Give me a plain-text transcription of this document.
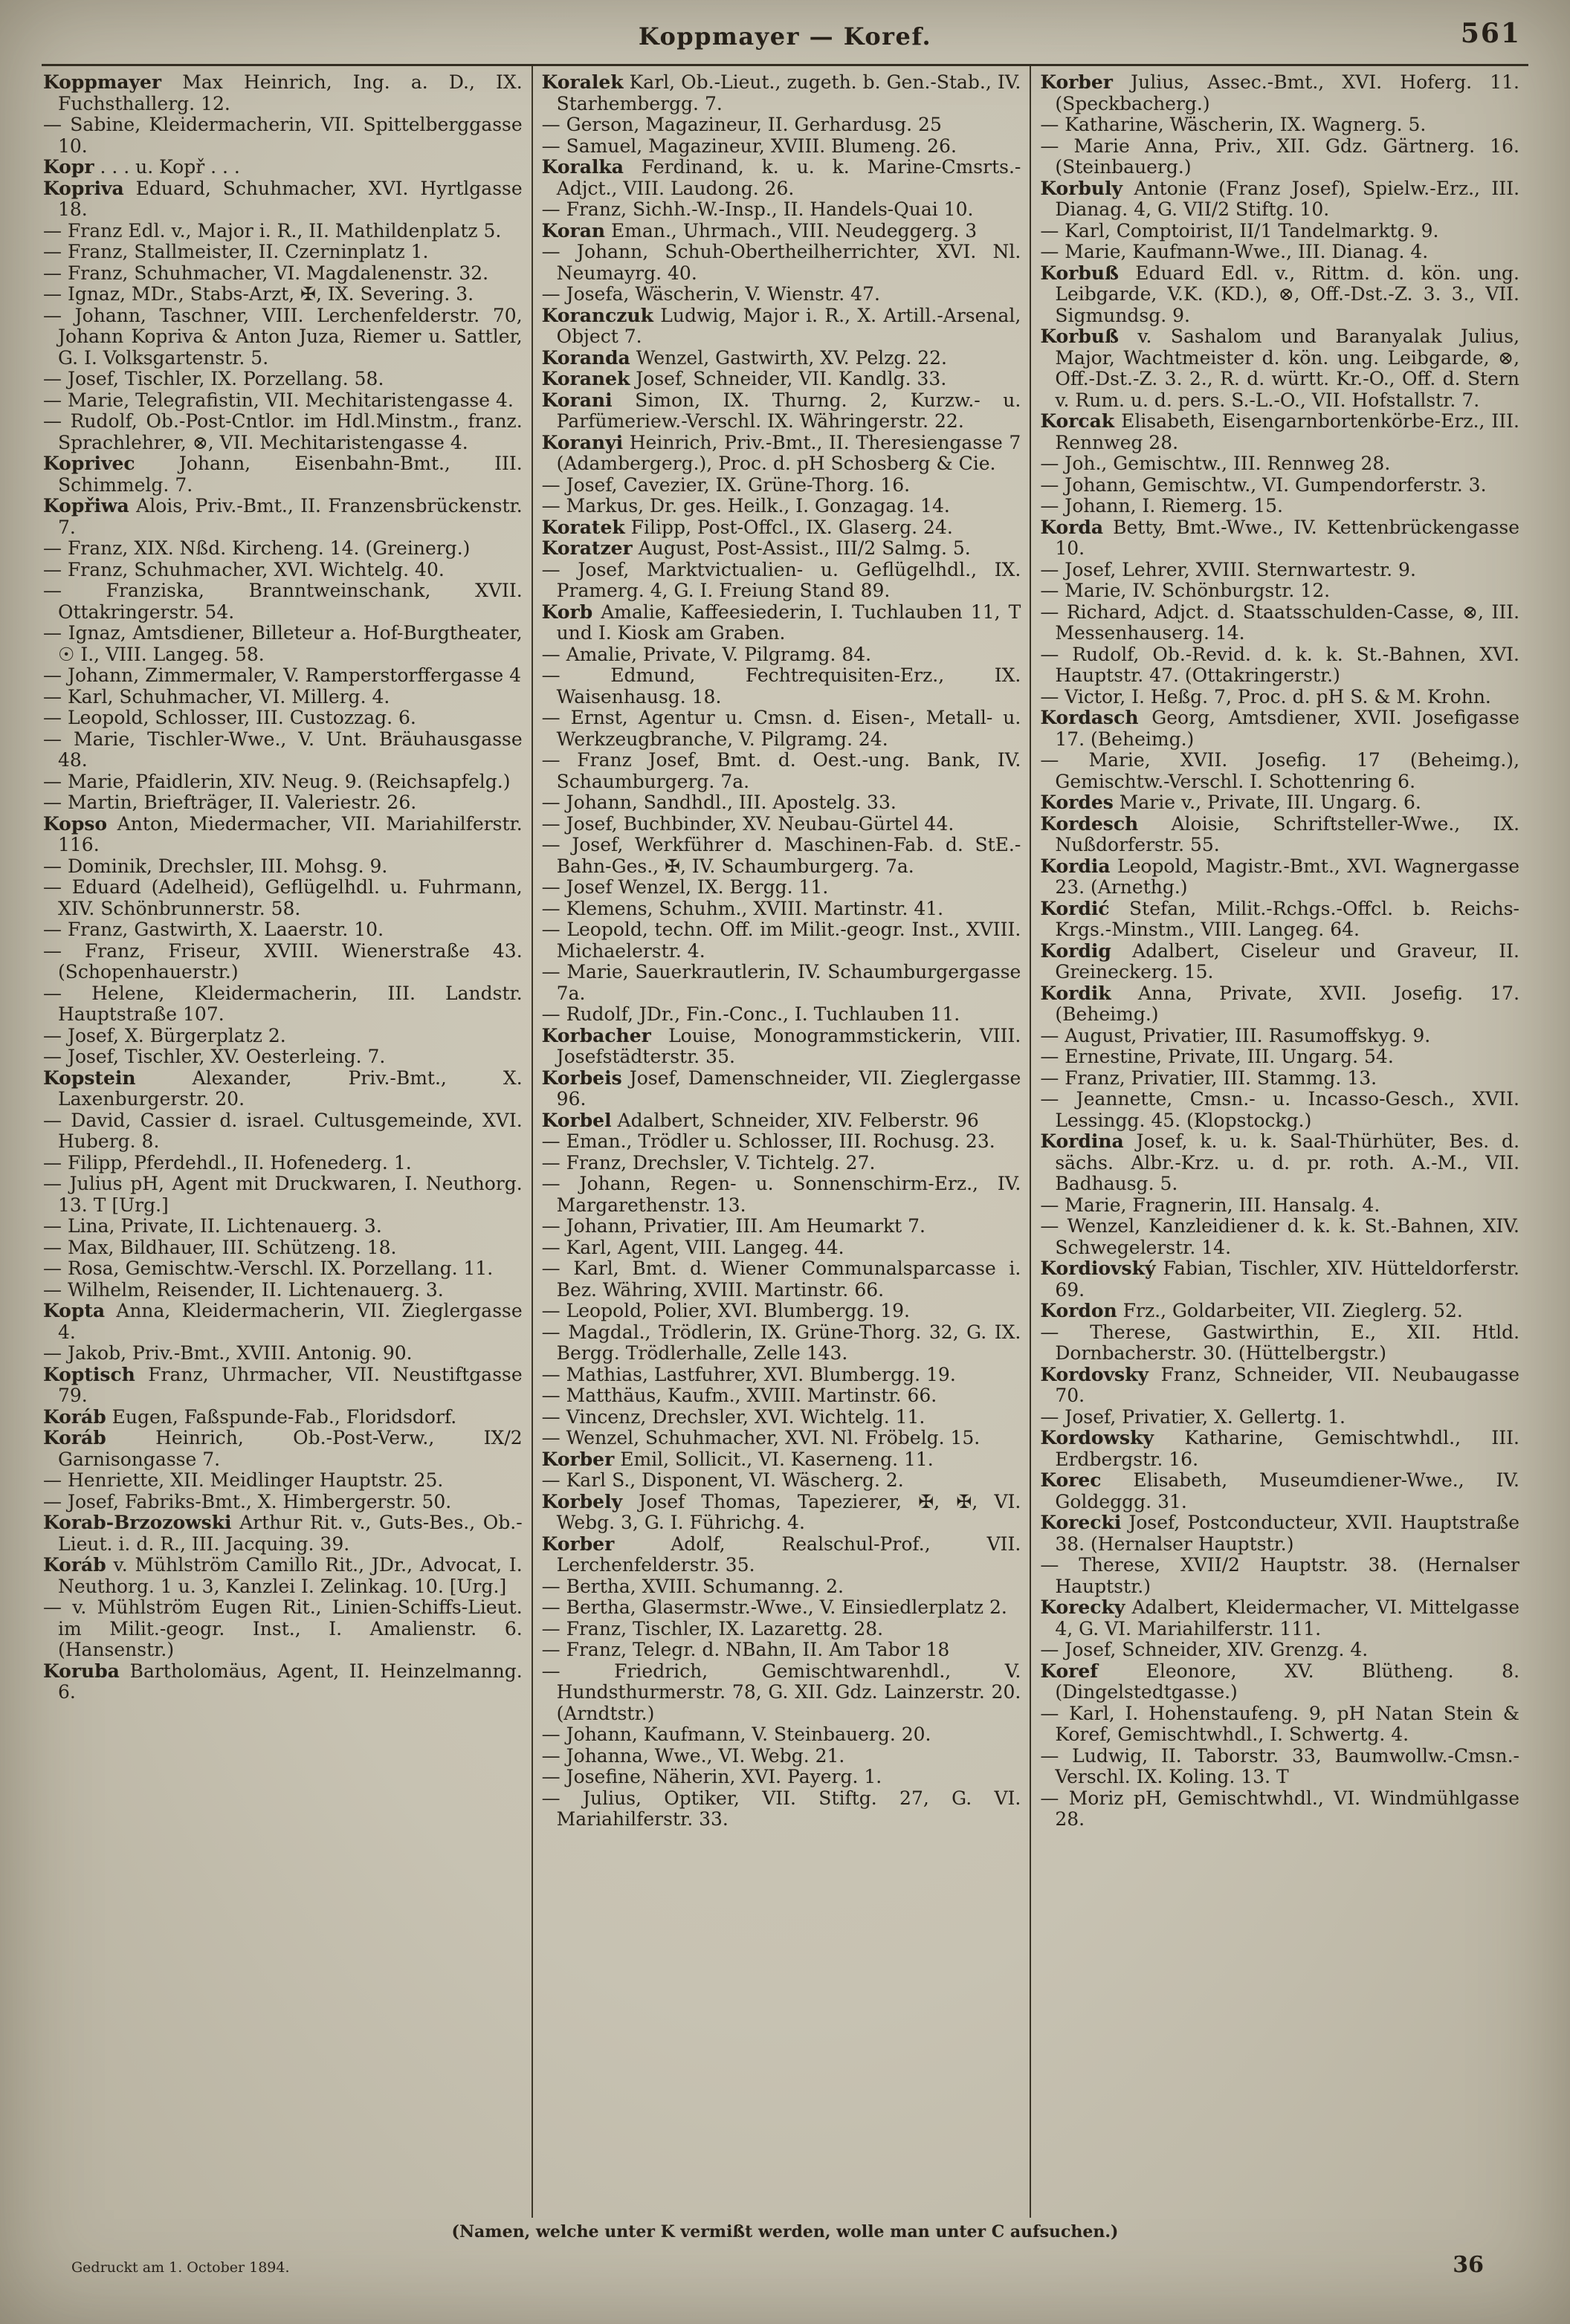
Koppmayer — Koref.	561

Koppmayer Max Heinrich, Ing. a. D., IX. Fuchsthallerg. 12.

— Sabine, Kleidermacherin, VII. Spittelberggasse 10.

Kopr . . . u. Kopř . . .

Kopriva Eduard, Schuhmacher, XVI. Hyrtlgasse 18.

— Franz Edl. v., Major i. R., II. Mathildenplatz 5.

— Franz, Stallmeister, II. Czerninplatz 1.

— Franz, Schuhmacher, VI. Magdalenenstr. 32.

— Ignaz, MDr., Stabs-Arzt, ✠, IX. Severing. 3.

— Johann, Taschner, VIII. Lerchenfelderstr. 70, Johann Kopriva & Anton Juza, Riemer u. Sattler, G. I. Volksgartenstr. 5.

— Josef, Tischler, IX. Porzellang. 58.

— Marie, Telegrafistin, VII. Mechitaristengasse 4.

— Rudolf, Ob.-Post-Cntlor. im Hdl.Minstm., franz. Sprachlehrer, ⊗, VII. Mechitaristengasse 4.

Koprivec Johann, Eisenbahn-Bmt., III. Schimmelg. 7.

Kopřiwa Alois, Priv.-Bmt., II. Franzensbrückenstr. 7.

— Franz, XIX. Nßd. Kircheng. 14. (Greinerg.)

— Franz, Schuhmacher, XVI. Wichtelg. 40.

— Franziska, Branntweinschank, XVII. Ottakringerstr. 54.

— Ignaz, Amtsdiener, Billeteur a. Hof-Burgtheater, ☉ I., VIII. Langeg. 58.

— Johann, Zimmermaler, V. Ramperstorffergasse 4

— Karl, Schuhmacher, VI. Millerg. 4.

— Leopold, Schlosser, III. Custozzag. 6.

— Marie, Tischler-Wwe., V. Unt. Bräuhausgasse 48.

— Marie, Pfaidlerin, XIV. Neug. 9. (Reichsapfelg.)

— Martin, Briefträger, II. Valeriestr. 26.

Kopso Anton, Miedermacher, VII. Mariahilferstr. 116.

— Dominik, Drechsler, III. Mohsg. 9.

— Eduard (Adelheid), Geflügelhdl. u. Fuhrmann, XIV. Schönbrunnerstr. 58.

— Franz, Gastwirth, X. Laaerstr. 10.

— Franz, Friseur, XVIII. Wienerstraße 43. (Schopenhauerstr.)

— Helene, Kleidermacherin, III. Landstr. Hauptstraße 107.

— Josef, X. Bürgerplatz 2.

— Josef, Tischler, XV. Oesterleing. 7.

Kopstein Alexander, Priv.-Bmt., X. Laxenburgerstr. 20.

— David, Cassier d. israel. Cultusgemeinde, XVI. Huberg. 8.

— Filipp, Pferdehdl., II. Hofenederg. 1.

— Julius pH, Agent mit Druckwaren, I. Neuthorg. 13. T [Urg.]

— Lina, Private, II. Lichtenauerg. 3.

— Max, Bildhauer, III. Schützeng. 18.

— Rosa, Gemischtw.-Verschl. IX. Porzellang. 11.

— Wilhelm, Reisender, II. Lichtenauerg. 3.

Kopta Anna, Kleidermacherin, VII. Zieglergasse 4.

— Jakob, Priv.-Bmt., XVIII. Antonig. 90.

Koptisch Franz, Uhrmacher, VII. Neustiftgasse 79.

Koráb Eugen, Faßspunde-Fab., Floridsdorf.

Koráb Heinrich, Ob.-Post-Verw., IX/2 Garnisongasse 7.

— Henriette, XII. Meidlinger Hauptstr. 25.

— Josef, Fabriks-Bmt., X. Himbergerstr. 50.

Korab-Brzozowski Arthur Rit. v., Guts-Bes., Ob.-Lieut. i. d. R., III. Jacquing. 39.

Koráb v. Mühlström Camillo Rit., JDr., Advocat, I. Neuthorg. 1 u. 3, Kanzlei I. Zelinkag. 10. [Urg.]

— v. Mühlström Eugen Rit., Linien-Schiffs-Lieut. im Milit.-geogr. Inst., I. Amalienstr. 6. (Hansenstr.)

Koruba Bartholomäus, Agent, II. Heinzelmanng. 6.

Koralek Karl, Ob.-Lieut., zugeth. b. Gen.-Stab., IV. Starhembergg. 7.

— Gerson, Magazineur, II. Gerhardusg. 25

— Samuel, Magazineur, XVIII. Blumeng. 26.

Koralka Ferdinand, k. u. k. Marine-Cmsrts.-Adjct., VIII. Laudong. 26.

— Franz, Sichh.-W.-Insp., II. Handels-Quai 10.

Koran Eman., Uhrmach., VIII. Neudeggerg. 3

— Johann, Schuh-Obertheilherrichter, XVI. Nl. Neumayrg. 40.

— Josefa, Wäscherin, V. Wienstr. 47.

Koranczuk Ludwig, Major i. R., X. Artill.-Arsenal, Object 7.

Koranda Wenzel, Gastwirth, XV. Pelzg. 22.

Koranek Josef, Schneider, VII. Kandlg. 33.

Korani Simon, IX. Thurng. 2, Kurzw.- u. Parfümeriew.-Verschl. IX. Währingerstr. 22.

Koranyi Heinrich, Priv.-Bmt., II. Theresiengasse 7 (Adambergerg.), Proc. d. pH Schosberg & Cie.

— Josef, Cavezier, IX. Grüne-Thorg. 16.

— Markus, Dr. ges. Heilk., I. Gonzagag. 14.

Koratek Filipp, Post-Offcl., IX. Glaserg. 24.

Koratzer August, Post-Assist., III/2 Salmg. 5.

— Josef, Marktvictualien- u. Geflügelhdl., IX. Pramerg. 4, G. I. Freiung Stand 89.

Korb Amalie, Kaffeesiederin, I. Tuchlauben 11, T und I. Kiosk am Graben.

— Amalie, Private, V. Pilgramg. 84.

— Edmund, Fechtrequisiten-Erz., IX. Waisenhausg. 18.

— Ernst, Agentur u. Cmsn. d. Eisen-, Metall- u. Werkzeugbranche, V. Pilgramg. 24.

— Franz Josef, Bmt. d. Oest.-ung. Bank, IV. Schaumburgerg. 7a.

— Johann, Sandhdl., III. Apostelg. 33.

— Josef, Buchbinder, XV. Neubau-Gürtel 44.

— Josef, Werkführer d. Maschinen-Fab. d. StE.-Bahn-Ges., ✠, IV. Schaumburgerg. 7a.

— Josef Wenzel, IX. Bergg. 11.

— Klemens, Schuhm., XVIII. Martinstr. 41.

— Leopold, techn. Off. im Milit.-geogr. Inst., XVIII. Michaelerstr. 4.

— Marie, Sauerkrautlerin, IV. Schaumburgergasse 7a.

— Rudolf, JDr., Fin.-Conc., I. Tuchlauben 11.

Korbacher Louise, Monogrammstickerin, VIII. Josefstädterstr. 35.

Korbeis Josef, Damenschneider, VII. Zieglergasse 96.

Korbel Adalbert, Schneider, XIV. Felberstr. 96

— Eman., Trödler u. Schlosser, III. Rochusg. 23.

— Franz, Drechsler, V. Tichtelg. 27.

— Johann, Regen- u. Sonnenschirm-Erz., IV. Margarethenstr. 13.

— Johann, Privatier, III. Am Heumarkt 7.

— Karl, Agent, VIII. Langeg. 44.

— Karl, Bmt. d. Wiener Communalsparcasse i. Bez. Währing, XVIII. Martinstr. 66.

— Leopold, Polier, XVI. Blumbergg. 19.

— Magdal., Trödlerin, IX. Grüne-Thorg. 32, G. IX. Bergg. Trödlerhalle, Zelle 143.

— Mathias, Lastfuhrer, XVI. Blumbergg. 19.

— Matthäus, Kaufm., XVIII. Martinstr. 66.

— Vincenz, Drechsler, XVI. Wichtelg. 11.

— Wenzel, Schuhmacher, XVI. Nl. Fröbelg. 15.

Korber Emil, Sollicit., VI. Kaserneng. 11.

— Karl S., Disponent, VI. Wäscherg. 2.

Korbely Josef Thomas, Tapezierer, ✠, ✠, VI. Webg. 3, G. I. Führichg. 4.

Korber Adolf, Realschul-Prof., VII. Lerchenfelderstr. 35.

— Bertha, XVIII. Schumanng. 2.

— Bertha, Glasermstr.-Wwe., V. Einsiedlerplatz 2.

— Franz, Tischler, IX. Lazarettg. 28.

— Franz, Telegr. d. NBahn, II. Am Tabor 18

— Friedrich, Gemischtwarenhdl., V. Hundsthurmerstr. 78, G. XII. Gdz. Lainzerstr. 20. (Arndtstr.)

— Johann, Kaufmann, V. Steinbauerg. 20.

— Johanna, Wwe., VI. Webg. 21.

— Josefine, Näherin, XVI. Payerg. 1.

— Julius, Optiker, VII. Stiftg. 27, G. VI. Mariahilferstr. 33.

Korber Julius, Assec.-Bmt., XVI. Hoferg. 11. (Speckbacherg.)

— Katharine, Wäscherin, IX. Wagnerg. 5.

— Marie Anna, Priv., XII. Gdz. Gärtnerg. 16. (Steinbauerg.)

Korbuly Antonie (Franz Josef), Spielw.-Erz., III. Dianag. 4, G. VII/2 Stiftg. 10.

— Karl, Comptoirist, II/1 Tandelmarktg. 9.

— Marie, Kaufmann-Wwe., III. Dianag. 4.

Korbuß Eduard Edl. v., Rittm. d. kön. ung. Leibgarde, V.K. (KD.), ⊗, Off.-Dst.-Z. 3. 3., VII. Sigmundsg. 9.

Korbuß v. Sashalom und Baranyalak Julius, Major, Wachtmeister d. kön. ung. Leibgarde, ⊗, Off.-Dst.-Z. 3. 2., R. d. württ. Kr.-O., Off. d. Stern v. Rum. u. d. pers. S.-L.-O., VII. Hofstallstr. 7.

Korcak Elisabeth, Eisengarnbortenkörbe-Erz., III. Rennweg 28.

— Joh., Gemischtw., III. Rennweg 28.

— Johann, Gemischtw., VI. Gumpendorferstr. 3.

— Johann, I. Riemerg. 15.

Korda Betty, Bmt.-Wwe., IV. Kettenbrückengasse 10.

— Josef, Lehrer, XVIII. Sternwartestr. 9.

— Marie, IV. Schönburgstr. 12.

— Richard, Adjct. d. Staatsschulden-Casse, ⊗, III. Messenhauserg. 14.

— Rudolf, Ob.-Revid. d. k. k. St.-Bahnen, XVI. Hauptstr. 47. (Ottakringerstr.)

— Victor, I. Heßg. 7, Proc. d. pH S. & M. Krohn.

Kordasch Georg, Amtsdiener, XVII. Josefigasse 17. (Beheimg.)

— Marie, XVII. Josefig. 17 (Beheimg.), Gemischtw.-Verschl. I. Schottenring 6.

Kordes Marie v., Private, III. Ungarg. 6.

Kordesch Aloisie, Schriftsteller-Wwe., IX. Nußdorferstr. 55.

Kordia Leopold, Magistr.-Bmt., XVI. Wagnergasse 23. (Arnethg.)

Kordić Stefan, Milit.-Rchgs.-Offcl. b. Reichs-Krgs.-Minstm., VIII. Langeg. 64.

Kordig Adalbert, Ciseleur und Graveur, II. Greineckerg. 15.

Kordik Anna, Private, XVII. Josefig. 17. (Beheimg.)

— August, Privatier, III. Rasumoffskyg. 9.

— Ernestine, Private, III. Ungarg. 54.

— Franz, Privatier, III. Stammg. 13.

— Jeannette, Cmsn.- u. Incasso-Gesch., XVII. Lessingg. 45. (Klopstockg.)

Kordina Josef, k. u. k. Saal-Thürhüter, Bes. d. sächs. Albr.-Krz. u. d. pr. roth. A.-M., VII. Badhausg. 5.

— Marie, Fragnerin, III. Hansalg. 4.

— Wenzel, Kanzleidiener d. k. k. St.-Bahnen, XIV. Schwegelerstr. 14.

Kordiovský Fabian, Tischler, XIV. Hütteldorferstr. 69.

Kordon Frz., Goldarbeiter, VII. Zieglerg. 52.

— Therese, Gastwirthin, E., XII. Htld. Dornbacherstr. 30. (Hüttelbergstr.)

Kordovsky Franz, Schneider, VII. Neubaugasse 70.

— Josef, Privatier, X. Gellertg. 1.

Kordowsky Katharine, Gemischtwhdl., III. Erdbergstr. 16.

Korec Elisabeth, Museumdiener-Wwe., IV. Goldeggg. 31.

Korecki Josef, Postconducteur, XVII. Hauptstraße 38. (Hernalser Hauptstr.)

— Therese, XVII/2 Hauptstr. 38. (Hernalser Hauptstr.)

Korecky Adalbert, Kleidermacher, VI. Mittelgasse 4, G. VI. Mariahilferstr. 111.

— Josef, Schneider, XIV. Grenzg. 4.

Koref Eleonore, XV. Blütheng. 8. (Dingelstedtgasse.)

— Karl, I. Hohenstaufeng. 9, pH Natan Stein & Koref, Gemischtwhdl., I. Schwertg. 4.

— Ludwig, II. Taborstr. 33, Baumwollw.-Cmsn.-Verschl. IX. Koling. 13. T

— Moriz pH, Gemischtwhdl., VI. Windmühlgasse 28.

(Namen, welche unter K vermißt werden, wolle man unter C aufsuchen.)
Gedruckt am 1. October 1894.	36
